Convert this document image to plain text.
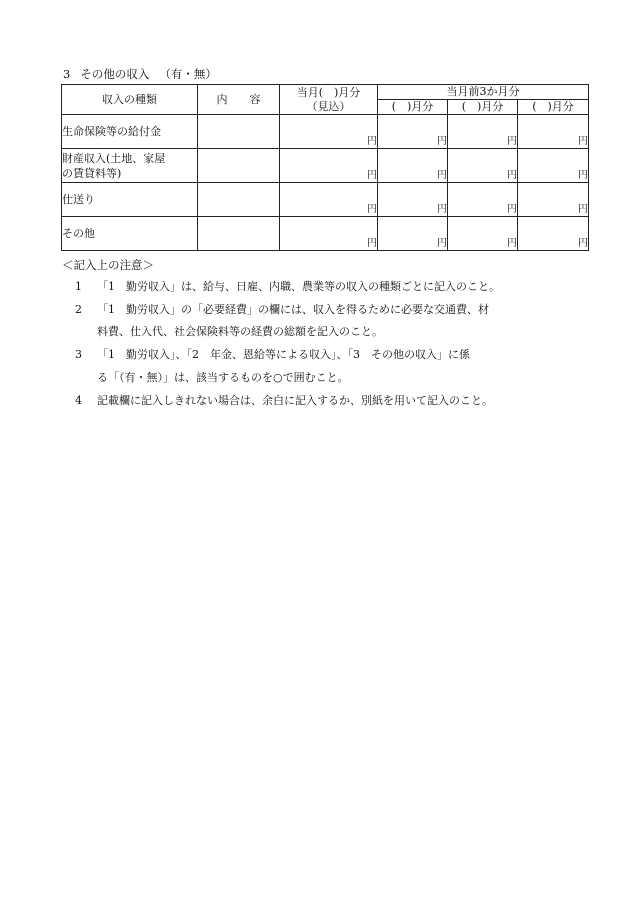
3 その他の収入 （有・無）
収入の種類	内　　容	当月(　)月分
（見込）	当月前3か月分		
			(　)月分	(　)月分	(　)月分
生命保険等の給付金		円	円	円	円

財産収入(土地、家屋
の賃貸料等)		円	円	円	円
仕送り		円	円	円	円
その他		円	円	円	円
＜記入上の注意＞
1 「1　勤労収入」は、給与、日雇、内職、農業等の収入の種類ごとに記入のこと。
2 「1　勤労収入」の「必要経費」の欄には、収入を得るために必要な交通費、材
料費、仕入代、社会保険料等の経費の総額を記入のこと。
3 「1　勤労収入」、「2　年金、恩給等による収入」、「3　その他の収入」に係
る「（有・無）」は、該当するものを○で囲むこと。
4 記載欄に記入しきれない場合は、余白に記入するか、別紙を用いて記入のこと。
